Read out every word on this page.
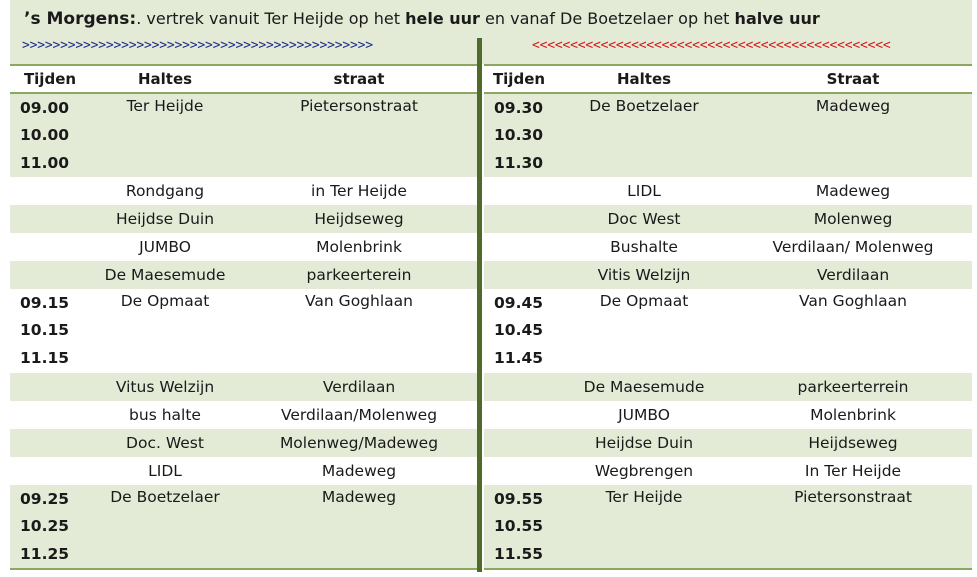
’s Morgens:. vertrek vanuit Ter Heijde op het hele uur en vanaf De Boetzelaer op het halve uur
>>>>>>>>>>>>>>>>>>>>>>>>>>>>>>>>>>>>>>>>>>>>>>	<<<<<<<<<<<<<<<<<<<<<<<<<<<<<<<<<<<<<<<<<<<<<<<
Tijden	Haltes	straat

09.00
10.00
11.00	Ter Heijde	Pietersonstraat
	Rondgang	in Ter Heijde
	Heijdse Duin	Heijdseweg
	JUMBO	Molenbrink
	De Maesemude	parkeerterein

09.15
10.15
11.15	De Opmaat	Van Goghlaan
	Vitus Welzijn	Verdilaan
	bus halte	Verdilaan/Molenweg
	Doc. West	Molenweg/Madeweg
	LIDL	Madeweg

09.25
10.25
11.25	De Boetzelaer	Madeweg
Tijden	Haltes	Straat

09.30
10.30
11.30	De Boetzelaer	Madeweg
	LIDL	Madeweg
	Doc West	Molenweg
	Bushalte	Verdilaan/ Molenweg
	Vitis Welzijn	Verdilaan

09.45
10.45
11.45	De Opmaat	Van Goghlaan
	De Maesemude	parkeerterrein
	JUMBO	Molenbrink
	Heijdse Duin	Heijdseweg
	Wegbrengen	In Ter Heijde

09.55
10.55
11.55	Ter Heijde	Pietersonstraat
